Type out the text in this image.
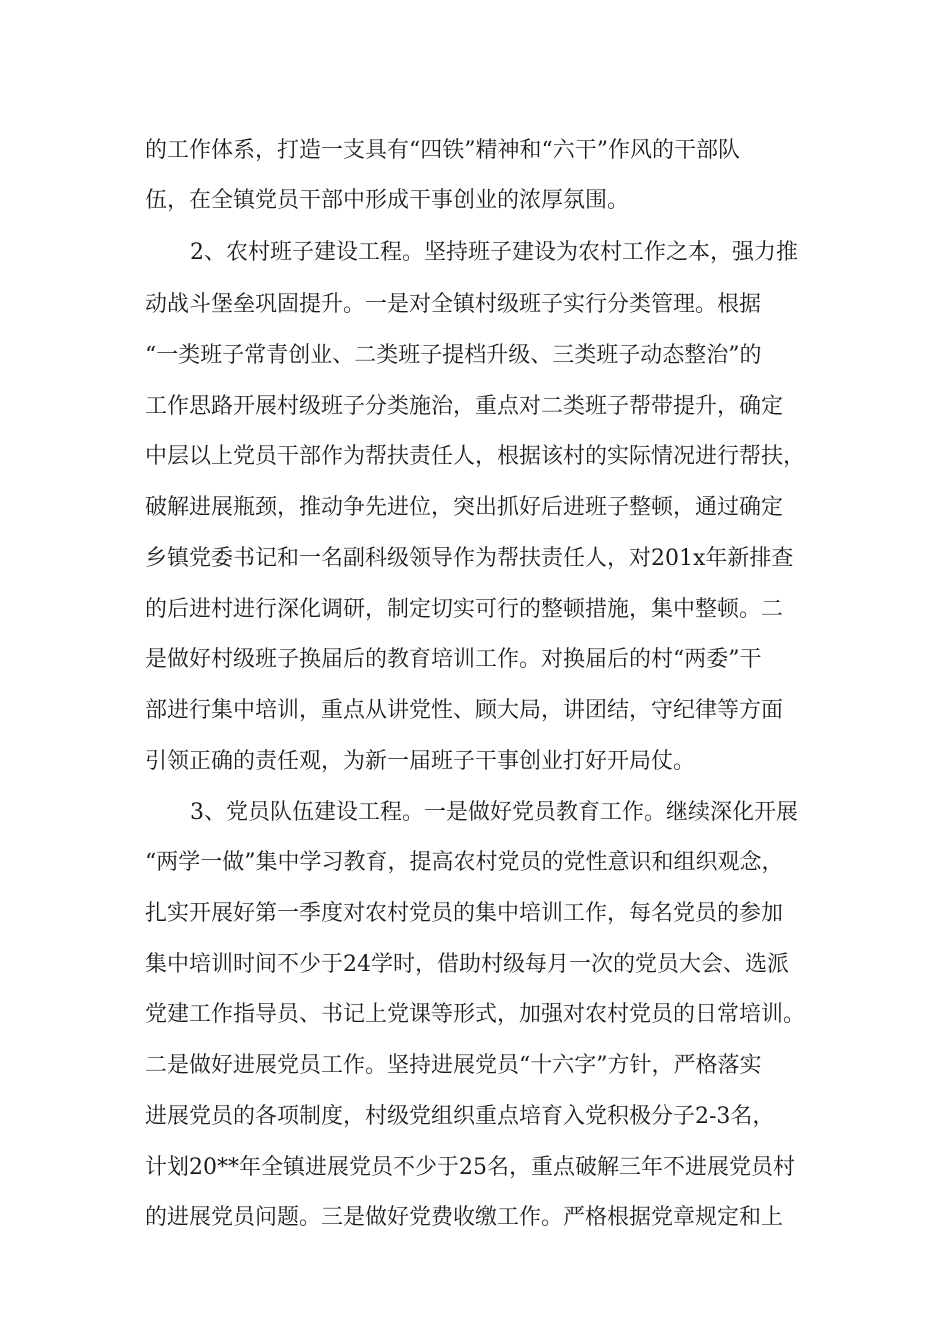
的工作体系，打造一支具有“四铁”精神和“六干”作风的干部队
伍，在全镇党员干部中形成干事创业的浓厚氛围。
2、农村班子建设工程。坚持班子建设为农村工作之本，强力推
动战斗堡垒巩固提升。一是对全镇村级班子实行分类管理。根据
“一类班子常青创业、二类班子提档升级、三类班子动态整治”的
工作思路开展村级班子分类施治，重点对二类班子帮带提升，确定
中层以上党员干部作为帮扶责任人，根据该村的实际情况进行帮扶，
破解进展瓶颈，推动争先进位，突出抓好后进班子整顿，通过确定
乡镇党委书记和一名副科级领导作为帮扶责任人，对201x年新排查
的后进村进行深化调研，制定切实可行的整顿措施，集中整顿。二
是做好村级班子换届后的教育培训工作。对换届后的村“两委”干
部进行集中培训，重点从讲党性、顾大局，讲团结，守纪律等方面
引领正确的责任观，为新一届班子干事创业打好开局仗。
3、党员队伍建设工程。一是做好党员教育工作。继续深化开展
“两学一做”集中学习教育，提高农村党员的党性意识和组织观念，
扎实开展好第一季度对农村党员的集中培训工作，每名党员的参加
集中培训时间不少于24学时，借助村级每月一次的党员大会、选派
党建工作指导员、书记上党课等形式，加强对农村党员的日常培训。
二是做好进展党员工作。坚持进展党员“十六字”方针，严格落实
进展党员的各项制度，村级党组织重点培育入党积极分子2-3名，
计划20**年全镇进展党员不少于25名，重点破解三年不进展党员村
的进展党员问题。三是做好党费收缴工作。严格根据党章规定和上
